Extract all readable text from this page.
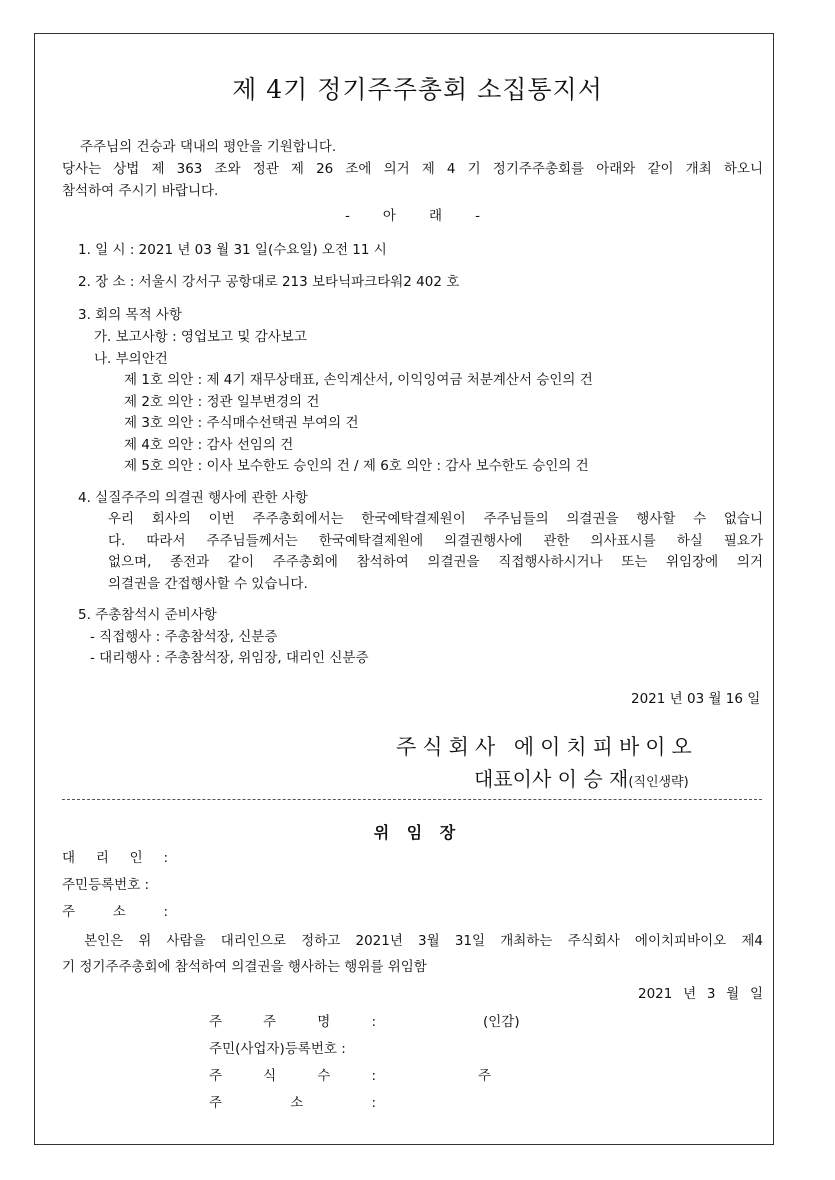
제 4기 정기주주총회 소집통지서
주주님의 건승과 댁내의 평안을 기원합니다.
당사는 상법 제 363 조와 정관 제 26 조에 의거 제 4 기 정기주주총회를 아래와 같이 개최 하오니
참석하여 주시기 바랍니다.
- 아 래 -
1. 일 시 : 2021 년 03 월 31 일(수요일) 오전 11 시
2. 장 소 : 서울시 강서구 공항대로 213 보타닉파크타워2 402 호
3. 회의 목적 사항
가. 보고사항 : 영업보고 및 감사보고
나. 부의안건
제 1호 의안 : 제 4기 재무상태표, 손익계산서, 이익잉여금 처분계산서 승인의 건
제 2호 의안 : 정관 일부변경의 건
제 3호 의안 : 주식매수선택권 부여의 건
제 4호 의안 : 감사 선임의 건
제 5호 의안 : 이사 보수한도 승인의 건 / 제 6호 의안 : 감사 보수한도 승인의 건
4. 실질주주의 의결권 행사에 관한 사항
우리 회사의 이번 주주총회에서는 한국예탁결제원이 주주님들의 의결권을 행사할 수 없습니
다. 따라서 주주님들께서는 한국예탁결제원에 의결권행사에 관한 의사표시를 하실 필요가
없으며, 종전과 같이 주주총회에 참석하여 의결권을 직접행사하시거나 또는 위임장에 의거
의결권을 간접행사할 수 있습니다.
5. 주총참석시 준비사항
- 직접행사 : 주총참석장, 신분증
- 대리행사 : 주총참석장, 위임장, 대리인 신분증
2021 년 03 월 16 일
주식회사 에이치피바이오
대표이사 이 승 재(직인생략)
위 임 장
대 리 인 :
주민등록번호 :
주 소 :
본인은 위 사람을 대리인으로 정하고 2021년 3월 31일 개최하는 주식회사 에이치피바이오 제4
기 정기주주총회에 참석하여 의결권을 행사하는 행위를 위임함
2021 년 3 월 일
주 주 명 :	(인감)
주민(사업자)등록번호 :
주 식 수 :	주
주 소 :
